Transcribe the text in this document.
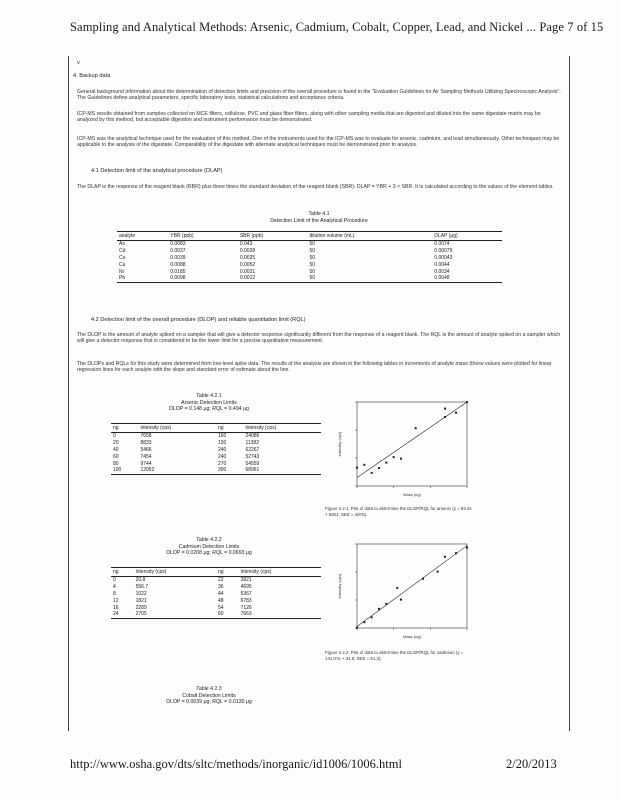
Sampling and Analytical Methods: Arsenic, Cadmium, Cobalt, Copper, Lead, and Nickel ... Page 7 of 15
v
4. Backup data
General background information about the determination of detection limits and precision of the overall procedure is found in the "Evaluation Guidelines for Air Sampling Methods Utilizing Spectroscopic Analysis". The Guidelines define analytical parameters, specific laboratory tests, statistical calculations and acceptance criteria.
ICP-MS results obtained from samples collected on MCE filters, cellulose, PVC and glass fiber filters, along with other sampling media that are digested and diluted into the same digestate matrix may be analyzed by this method, but acceptable digestion and instrument performance must be demonstrated.
ICP-MS was the analytical technique used for the evaluation of this method. One of the instruments used for the ICP-MS was to evaluate for arsenic, cadmium, and lead simultaneously. Other techniques may be applicable to the analysis of the digestate. Comparability of the digestate with alternate analytical techniques must be demonstrated prior to analysis.
4.1 Detection limit of the analytical procedure (DLAP)
The DLAP is the response of the reagent blank (RBR) plus three times the standard deviation of the reagent blank (SBR): DLAP = YBR + 3 × SBR. It is calculated according to the values of the element tables.
Table 4.1
Detection Limit of the Analytical Procedure
analyte	YBR (ppb)	SBR (ppb)	dilution volume (mL)	DLAP (μg)
As	0.0083	0.043	50	0.0074
Cd	0.0037	0.0028	50	0.00079
Co	0.0039	0.0025	50	0.00043
Cu	0.0088	0.0052	50	0.0044
Ni	0.0185	0.0031	50	0.0034
Pb	0.0098	0.0012	50	0.0048
4.2 Detection limit of the overall procedure (DLOP) and reliable quantitation limit (RQL)
The DLOP is the amount of analyte spiked on a sampler that will give a detector response significantly different from the response of a reagent blank. The RQL is the amount of analyte spiked on a sampler which will give a detector response that is considered to be the lower limit for a precise quantitative measurement.
The DLOPs and RQLs for this study were determined from low-level spike data. The results of the analysis are shown in the following tables in increments of analyte mass (these values were plotted for linear regression lines for each analyte with the slope and standard error of estimate about the line.
Table 4.2.1
Arsenic Detection Limits
DLOP = 0.148 μg; RQL = 0.494 μg
ng	intensity (cps)	ng	intensity (cps)
0	7658	160	24086
20	8833	120	11382
40	5466	240	62267
60	7454	240	52743
80	9744	270	54559
100	12052	300	68961
intensity (cps)
Mass (ng)
Figure 4.2.1. Plot of data to determine the DLOP/RQL for arsenic (y = 93.4x + 5801; SEE = 4975).
Table 4.2.2
Cadmium Detection Limits
DLOP = 0.0208 μg; RQL = 0.0693 μg
ng	intensity (cps)	ng	intensity (cps)
0	20.8	22	3821
4	556.7	36	4695
8	1022	44	5367
12	1821	48	6783
16	2289	54	7126
24	2705	60	7663
intensity (cps)
Mass (ng)
Figure 4.2.2. Plot of data to determine the DLOP/RQL for cadmium (y = 131.07x + 31.6; SEE = 91.3).
Table 4.2.3
Cobalt Detection Limits
DLOP = 0.0039 μg; RQL = 0.0130 μg
http://www.osha.gov/dts/sltc/methods/inorganic/id1006/1006.html	2/20/2013
